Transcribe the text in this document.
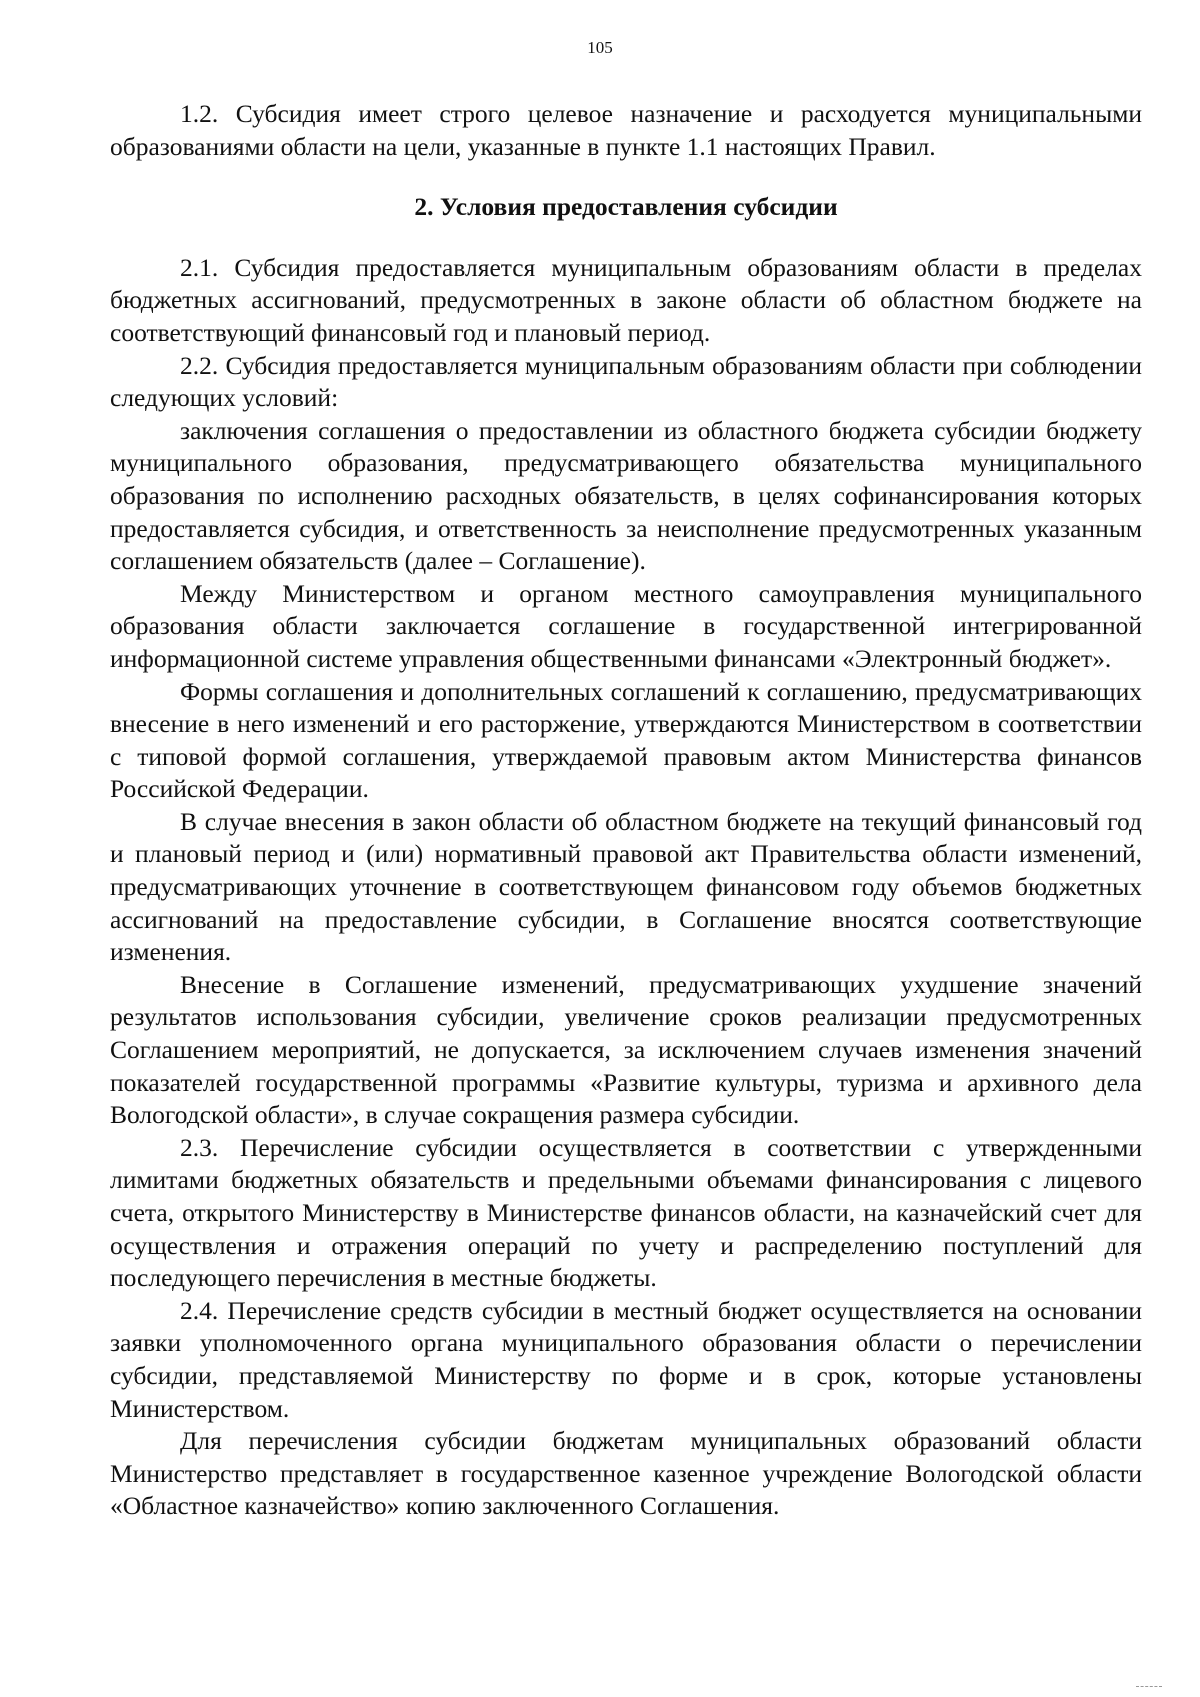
105

1.2. Субсидия имеет строго целевое назначение и расходуется муниципальными образованиями области на цели, указанные в пункте 1.1 настоящих Правил.

2. Условия предоставления субсидии

2.1. Субсидия предоставляется муниципальным образованиям области в пределах бюджетных ассигнований, предусмотренных в законе области об областном бюджете на соответствующий финансовый год и плановый период.

2.2. Субсидия предоставляется муниципальным образованиям области при соблюдении следующих условий:

заключения соглашения о предоставлении из областного бюджета субсидии бюджету муниципального образования, предусматривающего обязательства муниципального образования по исполнению расходных обязательств, в целях софинансирования которых предоставляется субсидия, и ответственность за неисполнение предусмотренных указанным соглашением обязательств (далее – Соглашение).

Между Министерством и органом местного самоуправления муниципального образования области заключается соглашение в государственной интегрированной информационной системе управления общественными финансами «Электронный бюджет».

Формы соглашения и дополнительных соглашений к соглашению, предусматривающих внесение в него изменений и его расторжение, утверждаются Министерством в соответствии с типовой формой соглашения, утверждаемой правовым актом Министерства финансов Российской Федерации.

В случае внесения в закон области об областном бюджете на текущий финансовый год и плановый период и (или) нормативный правовой акт Правительства области изменений, предусматривающих уточнение в соответствующем финансовом году объемов бюджетных ассигнований на предоставление субсидии, в Соглашение вносятся соответствующие изменения.

Внесение в Соглашение изменений, предусматривающих ухудшение значений результатов использования субсидии, увеличение сроков реализации предусмотренных Соглашением мероприятий, не допускается, за исключением случаев изменения значений показателей государственной программы «Развитие культуры, туризма и архивного дела Вологодской области», в случае сокращения размера субсидии.

2.3. Перечисление субсидии осуществляется в соответствии с утвержденными лимитами бюджетных обязательств и предельными объемами финансирования с лицевого счета, открытого Министерству в Министерстве финансов области, на казначейский счет для осуществления и отражения операций по учету и распределению поступлений для последующего перечисления в местные бюджеты.

2.4. Перечисление средств субсидии в местный бюджет осуществляется на основании заявки уполномоченного органа муниципального образования области о перечислении субсидии, представляемой Министерству по форме и в срок, которые установлены Министерством.

Для перечисления субсидии бюджетам муниципальных образований области Министерство представляет в государственное казенное учреждение Вологодской области «Областное казначейство» копию заключенного Соглашения.
